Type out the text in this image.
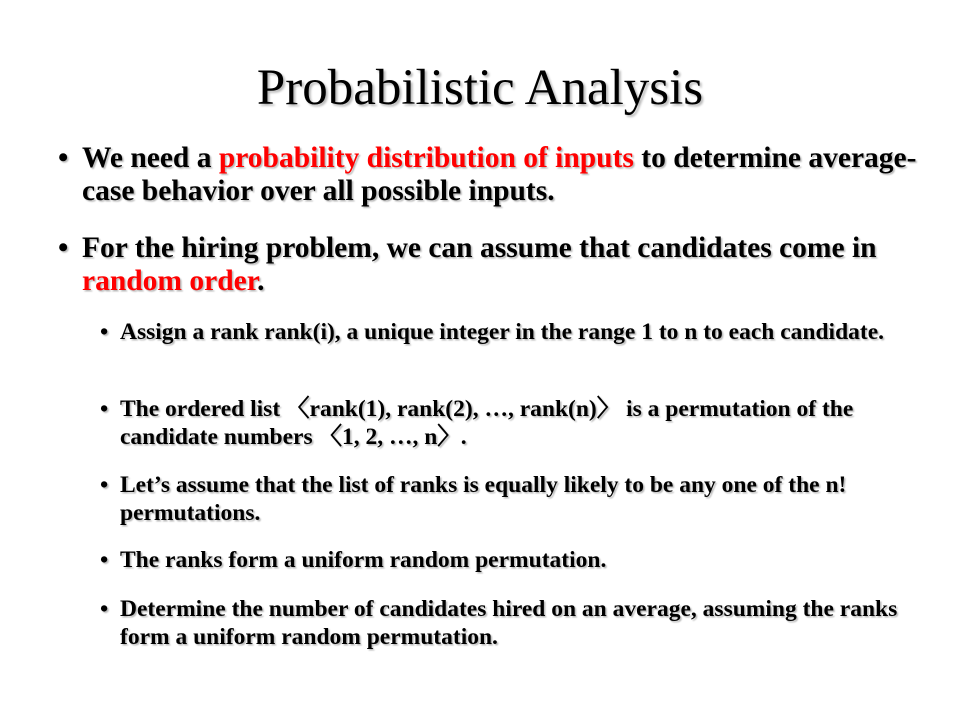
Probabilistic Analysis
• We need a probability distribution of inputs to determine average-case behavior over all possible inputs.
• For the hiring problem, we can assume that candidates come in random order.
• Assign a rank rank(i), a unique integer in the range 1 to n to each candidate.
• The ordered list 〈rank(1), rank(2), …, rank(n)〉 is a permutation of the candidate numbers 〈1, 2, …, n〉.
• Let’s assume that the list of ranks is equally likely to be any one of the n! permutations.
• The ranks form a uniform random permutation.
• Determine the number of candidates hired on an average, assuming the ranks form a uniform random permutation.
